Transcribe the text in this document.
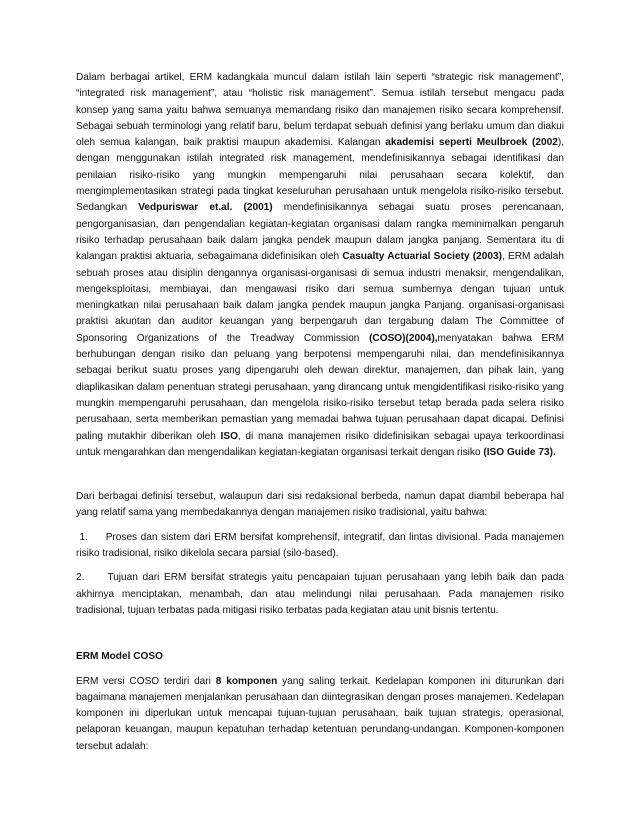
Dalam berbagai artikel, ERM kadangkala muncul dalam istilah lain seperti “strategic risk management”, “integrated risk management”, atau “holistic risk management”. Semua istilah tersebut mengacu pada konsep yang sama yaitu bahwa semuanya memandang risiko dan manajemen risiko secara komprehensif. Sebagai sebuah terminologi yang relatif baru, belum terdapat sebuah definisi yang berlaku umum dan diakui oleh semua kalangan, baik praktisi maupun akademisi. Kalangan akademisi seperti Meulbroek (2002), dengan menggunakan istilah integrated risk management, mendefinisikannya sebagai identifikasi dan penilaian risiko-risiko yang mungkin mempengaruhi nilai perusahaan secara kolektif, dan mengimplementasikan strategi pada tingkat keseluruhan perusahaan untuk mengelola risiko-risiko tersebut. Sedangkan Vedpuriswar et.al. (2001) mendefinisikannya sebagai suatu proses perencanaan, pengorganisasian, dan pengendalian kegiatan-kegiatan organisasi dalam rangka meminimalkan pengaruh risiko terhadap perusahaan baik dalam jangka pendek maupun dalam jangka panjang. Sementara itu di kalangan praktisi aktuaria, sebagaimana didefinisikan oleh Casualty Actuarial Society (2003), ERM adalah sebuah proses atau disiplin dengannya organisasi-organisasi di semua industri menaksir, mengendalikan, mengeksploitasi, membiayai, dan mengawasi risiko dari semua sumbernya dengan tujuan untuk meningkatkan nilai perusahaan baik dalam jangka pendek maupun jangka Panjang. organisasi-organisasi praktisi akuntan dan auditor keuangan yang berpengaruh dan tergabung dalam The Committee of Sponsoring Organizations of the Treadway Commission (COSO)(2004),menyatakan bahwa ERM berhubungan dengan risiko dan peluang yang berpotensi mempengaruhi nilai, dan mendefinisikannya sebagai berikut suatu proses yang dipengaruhi oleh dewan direktur, manajemen, dan pihak lain, yang diaplikasikan dalam penentuan strategi perusahaan, yang dirancang untuk mengidentifikasi risiko-risiko yang mungkin mempengaruhi perusahaan, dan mengelola risiko-risiko tersebut tetap berada pada selera risiko perusahaan, serta memberikan pemastian yang memadai bahwa tujuan perusahaan dapat dicapai. Definisi paling mutakhir diberikan oleh ISO, di mana manajemen risiko didefinisikan sebagai upaya terkoordinasi untuk mengarahkan dan mengendalikan kegiatan-kegiatan organisasi terkait dengan risiko (ISO Guide 73).

Dari berbagai definisi tersebut, walaupun dari sisi redaksional berbeda, namun dapat diambil beberapa hal yang relatif sama yang membedakannya dengan manajemen risiko tradisional, yaitu bahwa:

1.     Proses dan sistem dari ERM bersifat komprehensif, integratif, dan lintas divisional. Pada manajemen risiko tradisional, risiko dikelola secara parsial (silo-based).

2.     Tujuan dari ERM bersifat strategis yaitu pencapaian tujuan perusahaan yang lebih baik dan pada akhirnya menciptakan, menambah, dan atau melindungi nilai perusahaan. Pada manajemen risiko tradisional, tujuan terbatas pada mitigasi risiko terbatas pada kegiatan atau unit bisnis tertentu.

ERM Model COSO

ERM versi COSO terdiri dari 8 komponen yang saling terkait. Kedelapan komponen ini diturunkan dari bagaimana manajemen menjalankan perusahaan dan diintegrasikan dengan proses manajemen. Kedelapan komponen ini diperlukan untuk mencapai tujuan-tujuan perusahaan, baik tujuan strategis, operasional, pelaporan keuangan, maupun kepatuhan terhadap ketentuan perundang-undangan. Komponen-komponen tersebut adalah:
